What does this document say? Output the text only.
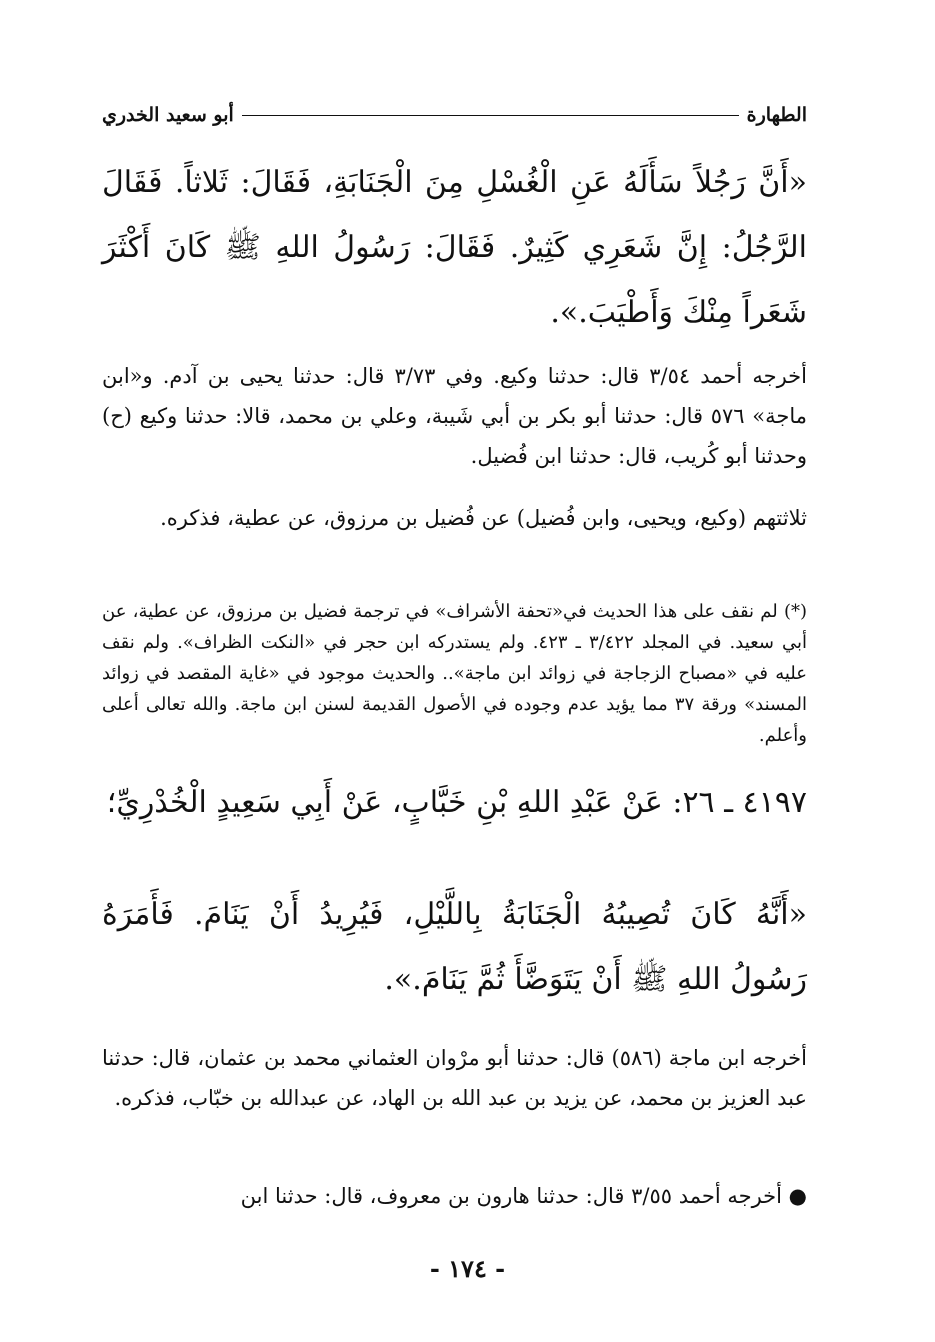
الطهارة
أبو سعيد الخدري
«أَنَّ رَجُلاً سَأَلَهُ عَنِ الْغُسْلِ مِنَ الْجَنَابَةِ، فَقَالَ: ثَلاثاً. فَقَالَ الرَّجُلُ: إِنَّ شَعَرِي كَثِيرٌ. فَقَالَ: رَسُولُ اللهِ ﷺ كَانَ أَكْثَرَ شَعَراً مِنْكَ وَأَطْيَبَ.».
أخرجه أحمد ٣/٥٤ قال: حدثنا وكيع. وفي ٣/٧٣ قال: حدثنا يحيى بن آدم. و«ابن ماجة» ٥٧٦ قال: حدثنا أبو بكر بن أبي شَيبة، وعلي بن محمد، قالا: حدثنا وكيع (ح) وحدثنا أبو كُريب، قال: حدثنا ابن فُضيل.
ثلاثتهم (وكيع، ويحيى، وابن فُضيل) عن فُضيل بن مرزوق، عن عطية، فذكره.
(*) لم نقف على هذا الحديث في«تحفة الأشراف» في ترجمة فضيل بن مرزوق، عن عطية، عن أبي سعيد. في المجلد ٣/٤٢٢ ـ ٤٢٣. ولم يستدركه ابن حجر في «النكت الظراف». ولم نقف عليه في «مصباح الزجاجة في زوائد ابن ماجة».. والحديث موجود في «غاية المقصد في زوائد المسند» ورقة ٣٧ مما يؤيد عدم وجوده في الأصول القديمة لسنن ابن ماجة. والله تعالى أعلى وأعلم.
٤١٩٧ ـ ٢٦: عَنْ عَبْدِ اللهِ بْنِ خَبَّابٍ، عَنْ أَبِي سَعِيدٍ الْخُدْرِيِّ؛
«أَنَّهُ كَانَ تُصِيبُهُ الْجَنَابَةُ بِاللَّيْلِ، فَيُرِيدُ أَنْ يَنَامَ. فَأَمَرَهُ رَسُولُ اللهِ ﷺ أَنْ يَتَوَضَّأَ ثُمَّ يَنَامَ.».
أخرجه ابن ماجة (٥٨٦) قال: حدثنا أبو مرْوان العثماني محمد بن عثمان، قال: حدثنا عبد العزيز بن محمد، عن يزيد بن عبد الله بن الهاد، عن عبدالله بن خبّاب، فذكره.
● أخرجه أحمد ٣/٥٥ قال: حدثنا هارون بن معروف، قال: حدثنا ابن
- ١٧٤ -
